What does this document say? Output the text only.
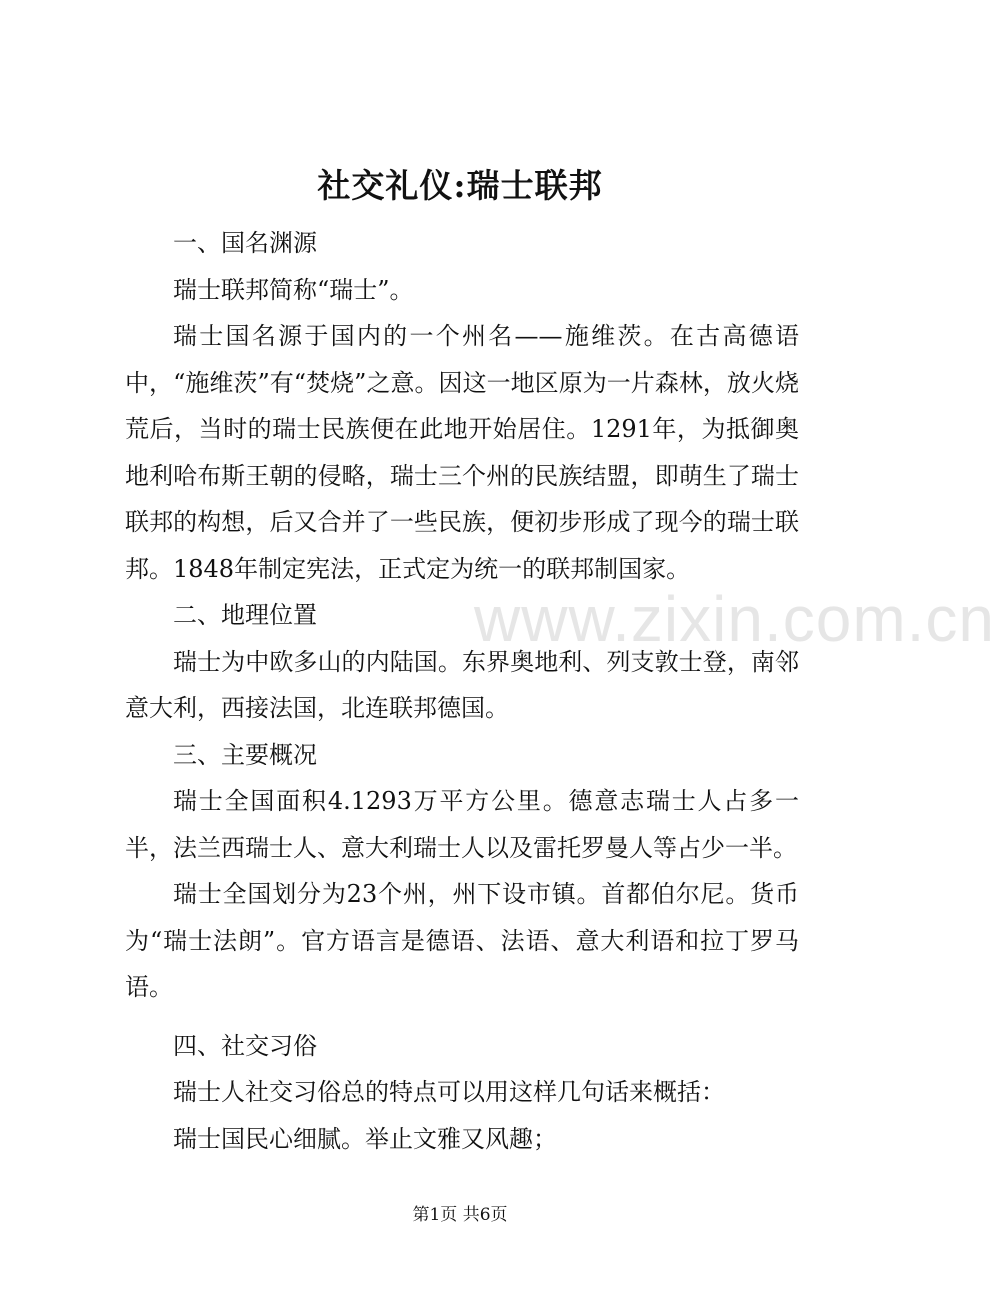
www.zixin.com.cn
社交礼仪:瑞士联邦

一、国名渊源

瑞士联邦简称“瑞士”。

瑞士国名源于国内的一个州名——施维茨。在古高德语中，“施维茨”有“焚烧”之意。因这一地区原为一片森林，放火烧荒后，当时的瑞士民族便在此地开始居住。1291年，为抵御奥地利哈布斯王朝的侵略，瑞士三个州的民族结盟，即萌生了瑞士联邦的构想，后又合并了一些民族，便初步形成了现今的瑞士联邦。1848年制定宪法，正式定为统一的联邦制国家。

二、地理位置

瑞士为中欧多山的内陆国。东界奥地利、列支敦士登，南邻意大利，西接法国，北连联邦德国。

三、主要概况

瑞士全国面积4.1293万平方公里。德意志瑞士人占多一半，法兰西瑞士人、意大利瑞士人以及雷托罗曼人等占少一半。

瑞士全国划分为23个州，州下设市镇。首都伯尔尼。货币为“瑞士法朗”。官方语言是德语、法语、意大利语和拉丁罗马语。

四、社交习俗

瑞士人社交习俗总的特点可以用这样几句话来概括：

瑞士国民心细腻。举止文雅又风趣；

第1页 共6页
